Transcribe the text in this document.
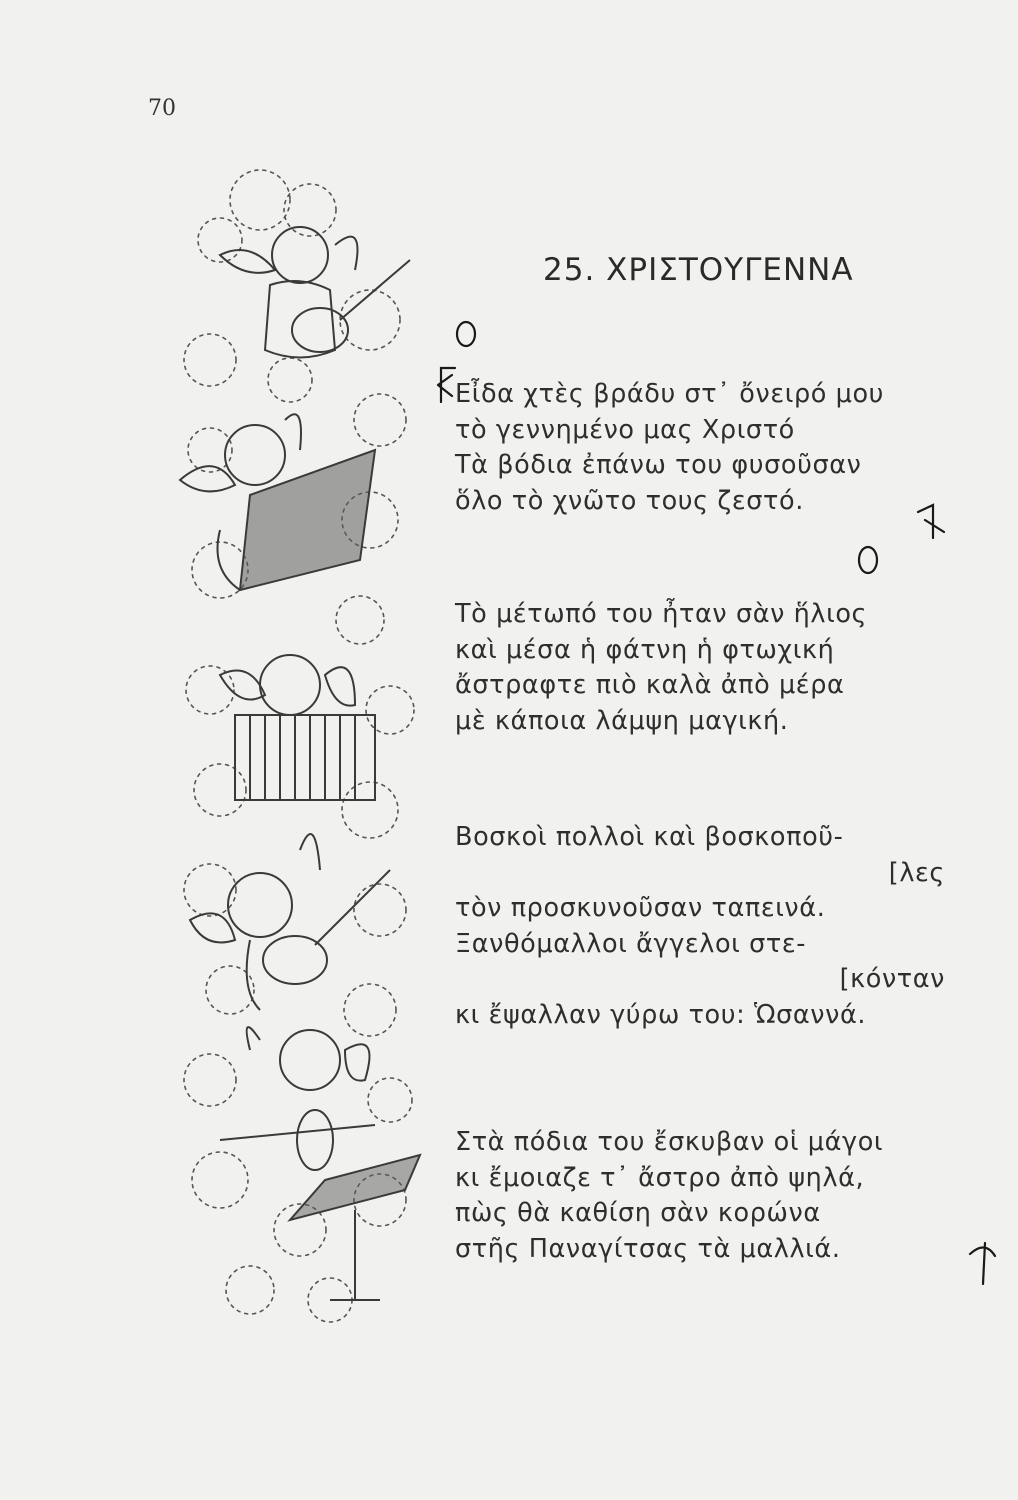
70
25. ΧΡΙΣΤΟΥΓΕΝΝΑ
Εἶδα χτὲς βράδυ στ᾽ ὄνειρό μου
τὸ γεννημένο μας Χριστό
Τὰ βόδια ἐπάνω του φυσοῦσαν
ὅλο τὸ χνῶτο τους ζεστό.
Τὸ μέτωπό του ἦταν σὰν ἥλιος
καὶ μέσα ἡ φάτνη ἡ φτωχική
ἄστραφτε πιὸ καλὰ ἀπὸ μέρα
μὲ κάποια λάμψη μαγική.
Βοσκοὶ πολλοὶ καὶ βοσκοποῦ-
[λες
τὸν προσκυνοῦσαν ταπεινά.
Ξανθόμαλλοι ἄγγελοι στε-
[κόνταν
κι ἔψαλλαν γύρω του: Ὡσαννά.
Στὰ πόδια του ἔσκυβαν οἱ μάγοι
κι ἔμοιαζε τ᾽ ἄστρο ἀπὸ ψηλά,
πὼς θὰ καθίση σὰν κορώνα
στῆς Παναγίτσας τὰ μαλλιά.
